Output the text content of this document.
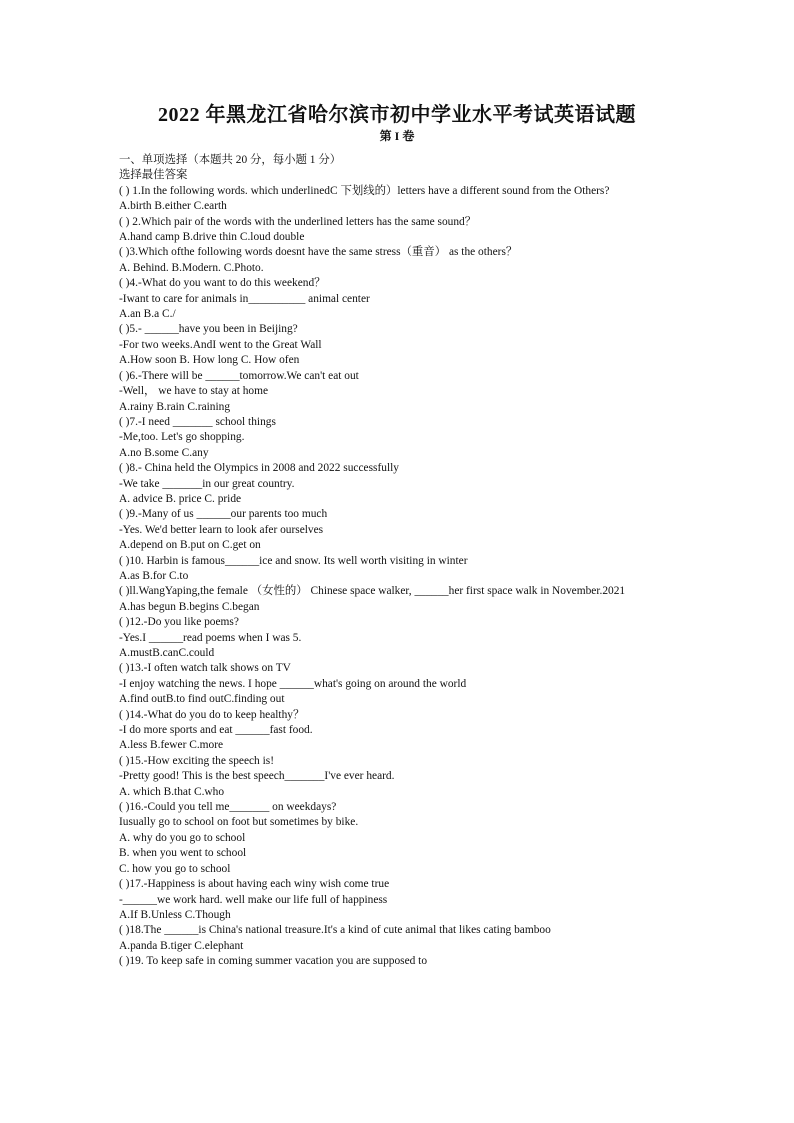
2022 年黑龙江省哈尔滨市初中学业水平考试英语试题
第 I 卷
一、单项选择（本题共 20 分，每小题 1 分）
选择最佳答案
( ) 1.In the following words. which underlinedC 下划线的）letters have a different sound from the Others?
A.birth B.either C.earth
( ) 2.Which pair of the words with the underlined letters has the same sound？
A.hand camp B.drive thin C.loud double
( )3.Which ofthe following words doesnt have the same stress（重音） as the others？
A. Behind. B.Modern. C.Photo.
( )4.-What do you want to do this weekend？
-Iwant to care for animals in__________ animal center
A.an B.a C./
( )5.- ______have you been in Beijing?
-For two weeks.AndI went to the Great Wall
A.How soon B. How long C. How ofen
( )6.-There will be ______tomorrow.We can't eat out
-Well， we have to stay at home
A.rainy B.rain C.raining
( )7.-I need _______ school things
-Me,too. Let's go shopping.
A.no B.some C.any
( )8.- China held the Olympics in 2008 and 2022 successfully
-We take _______in our great country.
A. advice B. price C. pride
( )9.-Many of us ______our parents too much
-Yes. We'd better learn to look afer ourselves
A.depend on B.put on C.get on
( )10. Harbin is famous______ice and snow. Its well worth visiting in winter
A.as B.for C.to
( )ll.WangYaping,the female （女性的） Chinese space walker, ______her first space walk in November.2021
A.has begun B.begins C.began
( )12.-Do you like poems?
-Yes.I ______read poems when I was 5.
A.mustB.canC.could
( )13.-I often watch talk shows on TV
-I enjoy watching the news. I hope ______what's going on around the world
A.find outB.to find outC.finding out
( )14.-What do you do to keep healthy？
-I do more sports and eat ______fast food.
A.less B.fewer C.more
( )15.-How exciting the speech is!
-Pretty good! This is the best speech_______I've ever heard.
A. which B.that C.who
( )16.-Could you tell me_______ on weekdays?
Iusually go to school on foot but sometimes by bike.
A. why do you go to school
B. when you went to school
C. how you go to school
( )17.-Happiness is about having each winy wish come true
-______we work hard. well make our life full of happiness
A.If B.Unless C.Though
( )18.The ______is China's national treasure.It's a kind of cute animal that likes cating bamboo
A.panda B.tiger C.elephant
( )19. To keep safe in coming summer vacation you are supposed to
